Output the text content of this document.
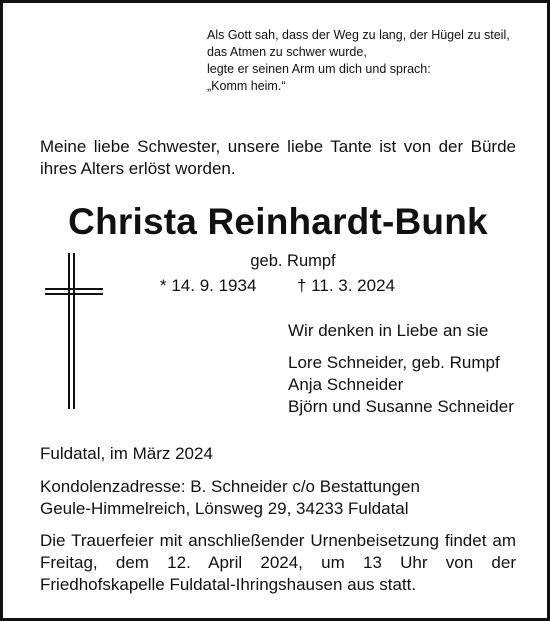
Als Gott sah, dass der Weg zu lang, der Hügel zu steil,
das Atmen zu schwer wurde,
legte er seinen Arm um dich und sprach:
„Komm heim.“
Meine liebe Schwester, unsere liebe Tante ist von der Bürde ihres Alters erlöst worden.
Christa Reinhardt-Bunk
geb. Rumpf
* 14. 9. 1934 † 11. 3. 2024
Wir denken in Liebe an sie
Lore Schneider, geb. Rumpf
Anja Schneider
Björn und Susanne Schneider
Fuldatal, im März 2024
Kondolenzadresse: B. Schneider c/o Bestattungen
Geule-Himmelreich, Lönsweg 29, 34233 Fuldatal
Die Trauerfeier mit anschließender Urnenbeisetzung findet am Freitag, dem 12. April 2024, um 13 Uhr von der Friedhofskapelle Fuldatal-Ihringshausen aus statt.
